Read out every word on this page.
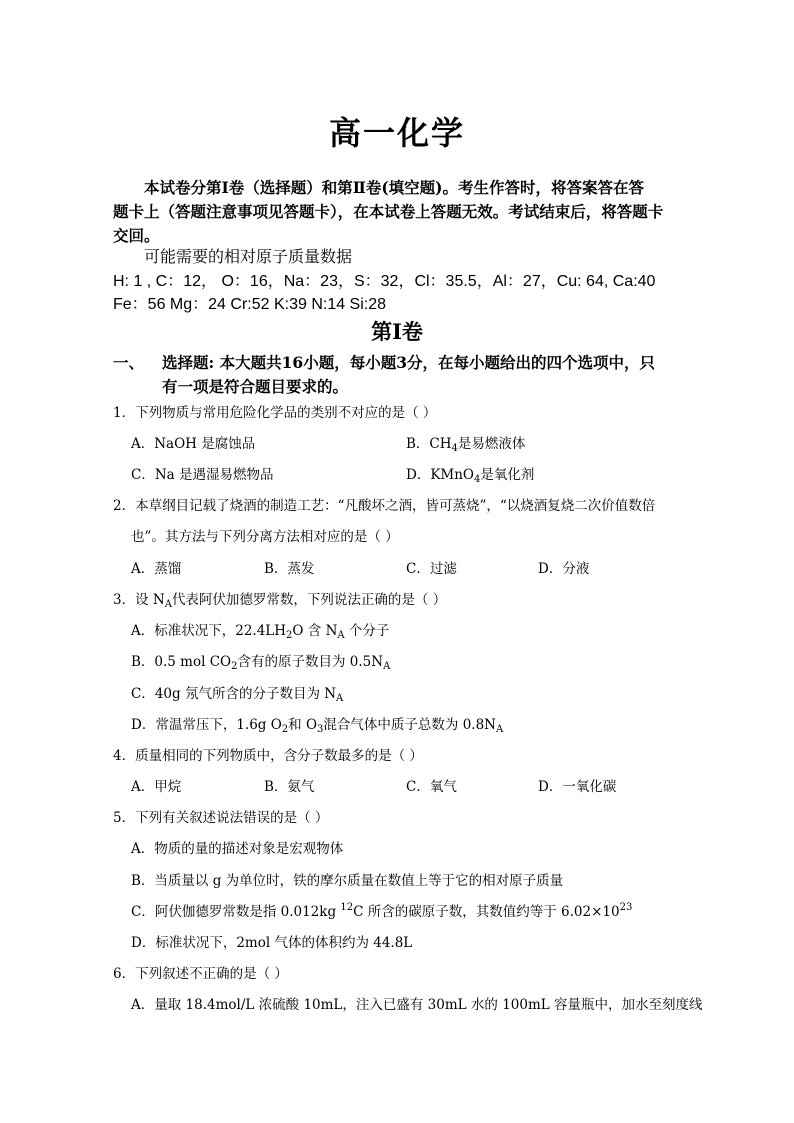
高一化学
本试卷分第Ⅰ卷（选择题）和第Ⅱ卷(填空题)。考生作答时，将答案答在答
题卡上（答题注意事项见答题卡），在本试卷上答题无效。考试结束后，将答题卡
交回。
可能需要的相对原子质量数据
H: 1 , C：12， O：16，Na：23，S：32，Cl：35.5，Al：27，Cu: 64, Ca:40
Fe：56 Mg：24 Cr:52 K:39 N:14 Si:28
第Ⅰ卷
一、 选择题: 本大题共16小题，每小题3分，在每小题给出的四个选项中，只
有一项是符合题目要求的。
1．下列物质与常用危险化学品的类别不对应的是（ ）
A．NaOH 是腐蚀品	B．$CH_4$是易燃液体
C．Na 是遇湿易燃物品	D．KMnO$_4$是氧化剂
2．本草纲目记载了烧酒的制造工艺：“凡酸坏之酒，皆可蒸烧”，“以烧酒复烧二次价值数倍
也”。其方法与下列分离方法相对应的是（ ）
A．蒸馏	B．蒸发	C．过滤	D．分液
3．设 $N_A$代表阿伏加德罗常数，下列说法正确的是（ ）
A．标准状况下，$22.4LH_2O$ 含 $N_A$ 个分子
B．0.5 mol $CO_2$含有的原子数目为 $0.5N_A$
C．40g 氖气所含的分子数目为 $N_A$
D．常温常压下，1.6g $O_2$和 $O_3$混合气体中质子总数为 $0.8N_A$
4．质量相同的下列物质中，含分子数最多的是（ ）
A．甲烷	B．氨气	C．氧气	D．一氧化碳
5．下列有关叙述说法错误的是（ ）
A．物质的量的描述对象是宏观物体
B．当质量以 g 为单位时，铁的摩尔质量在数值上等于它的相对原子质量
C．阿伏伽德罗常数是指 0.012kg $^{12}$C 所含的碳原子数，其数值约等于 $6.02\times 10^{23}$
D．标准状况下，2mol 气体的体积约为 44.8L
6．下列叙述不正确的是（ ）
A．量取 18.4mol/L 浓硫酸 10mL，注入已盛有 30mL 水的 100mL 容量瓶中，加水至刻度线
